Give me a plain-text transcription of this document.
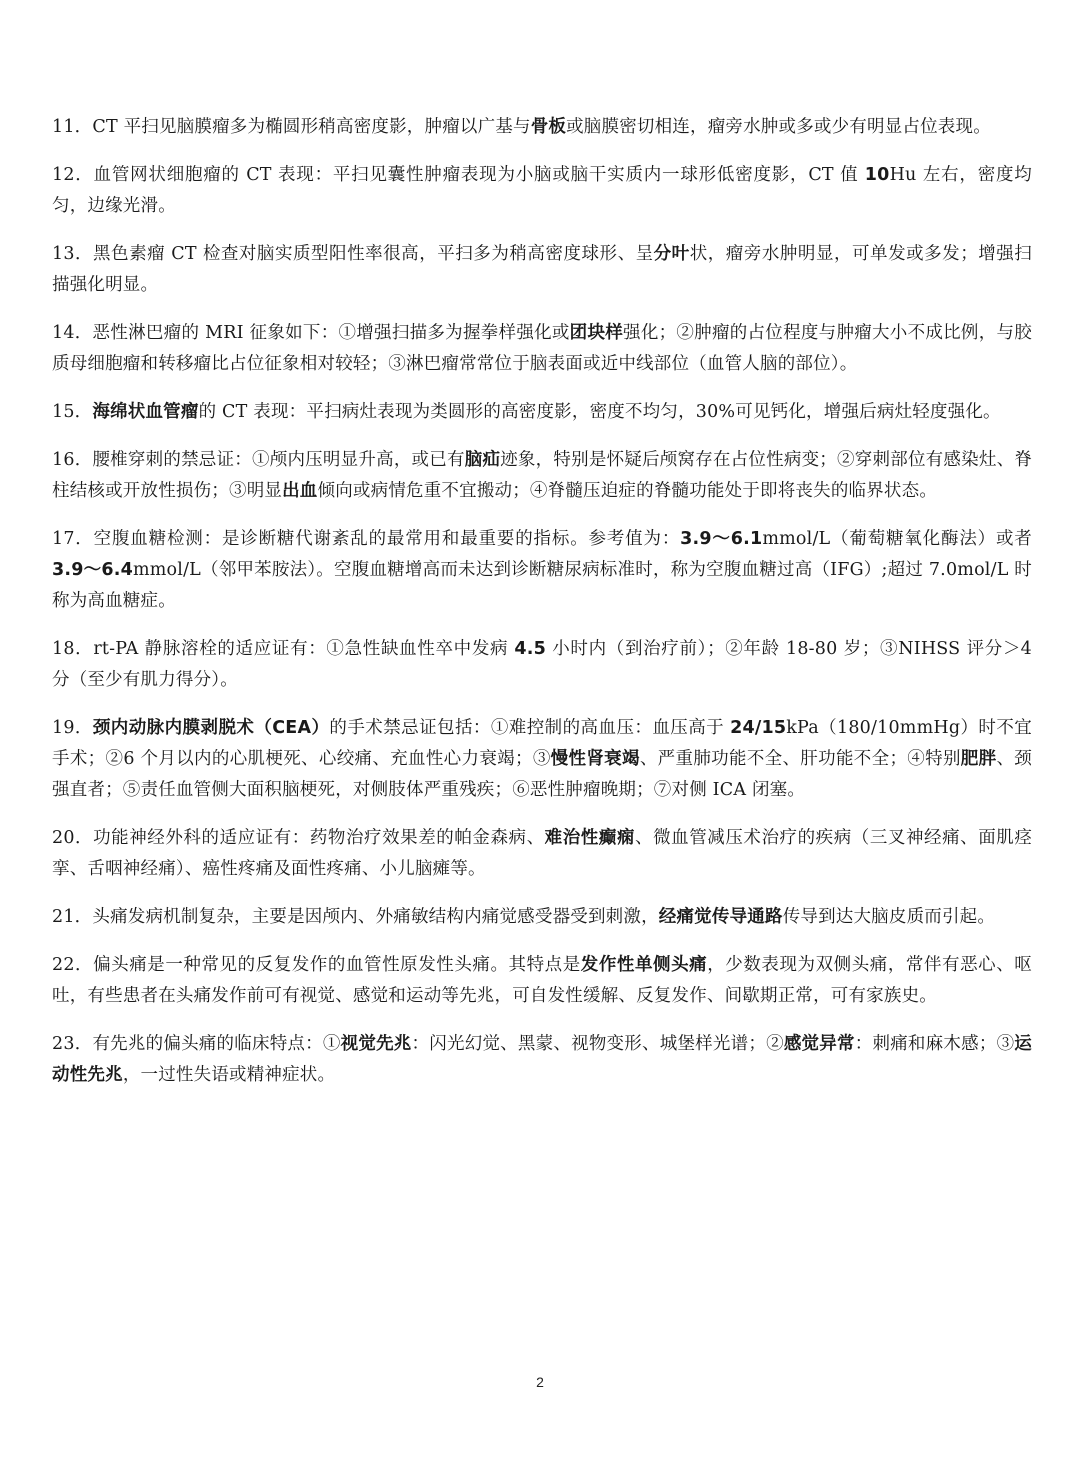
11．CT 平扫见脑膜瘤多为椭圆形稍高密度影，肿瘤以广基与骨板或脑膜密切相连，瘤旁水肿或多或少有明显占位表现。

12．血管网状细胞瘤的 CT 表现：平扫见囊性肿瘤表现为小脑或脑干实质内一球形低密度影，CT 值 10Hu 左右，密度均匀，边缘光滑。

13．黑色素瘤 CT 检查对脑实质型阳性率很高，平扫多为稍高密度球形、呈分叶状，瘤旁水肿明显，可单发或多发；增强扫描强化明显。

14．恶性淋巴瘤的 MRI 征象如下：①增强扫描多为握拳样强化或团块样强化；②肿瘤的占位程度与肿瘤大小不成比例，与胶质母细胞瘤和转移瘤比占位征象相对较轻；③淋巴瘤常常位于脑表面或近中线部位（血管人脑的部位）。

15．海绵状血管瘤的 CT 表现：平扫病灶表现为类圆形的高密度影，密度不均匀，30%可见钙化，增强后病灶轻度强化。

16．腰椎穿刺的禁忌证：①颅内压明显升高，或已有脑疝迹象，特别是怀疑后颅窝存在占位性病变；②穿刺部位有感染灶、脊柱结核或开放性损伤；③明显出血倾向或病情危重不宜搬动；④脊髓压迫症的脊髓功能处于即将丧失的临界状态。

17．空腹血糖检测：是诊断糖代谢紊乱的最常用和最重要的指标。参考值为：3.9～6.1mmol/L（葡萄糖氧化酶法）或者 3.9～6.4mmol/L（邻甲苯胺法）。空腹血糖增高而未达到诊断糖尿病标准时，称为空腹血糖过高（IFG）;超过 7.0mol/L 时称为高血糖症。

18．rt-PA 静脉溶栓的适应证有：①急性缺血性卒中发病 4.5 小时内（到治疗前）；②年龄 18-80 岁；③NIHSS 评分＞4 分（至少有肌力得分）。

19．颈内动脉内膜剥脱术（CEA）的手术禁忌证包括：①难控制的高血压：血压高于 24/15kPa（180/10mmHg）时不宜手术；②6 个月以内的心肌梗死、心绞痛、充血性心力衰竭；③慢性肾衰竭、严重肺功能不全、肝功能不全；④特别肥胖、颈强直者；⑤责任血管侧大面积脑梗死，对侧肢体严重残疾；⑥恶性肿瘤晚期；⑦对侧 ICA 闭塞。

20．功能神经外科的适应证有：药物治疗效果差的帕金森病、难治性癫痫、微血管减压术治疗的疾病（三叉神经痛、面肌痉挛、舌咽神经痛）、癌性疼痛及面性疼痛、小儿脑瘫等。

21．头痛发病机制复杂，主要是因颅内、外痛敏结构内痛觉感受器受到刺激，经痛觉传导通路传导到达大脑皮质而引起。

22．偏头痛是一种常见的反复发作的血管性原发性头痛。其特点是发作性单侧头痛，少数表现为双侧头痛，常伴有恶心、呕吐，有些患者在头痛发作前可有视觉、感觉和运动等先兆，可自发性缓解、反复发作、间歇期正常，可有家族史。

23．有先兆的偏头痛的临床特点：①视觉先兆：闪光幻觉、黑蒙、视物变形、城堡样光谱；②感觉异常：刺痛和麻木感；③运动性先兆，一过性失语或精神症状。

2
